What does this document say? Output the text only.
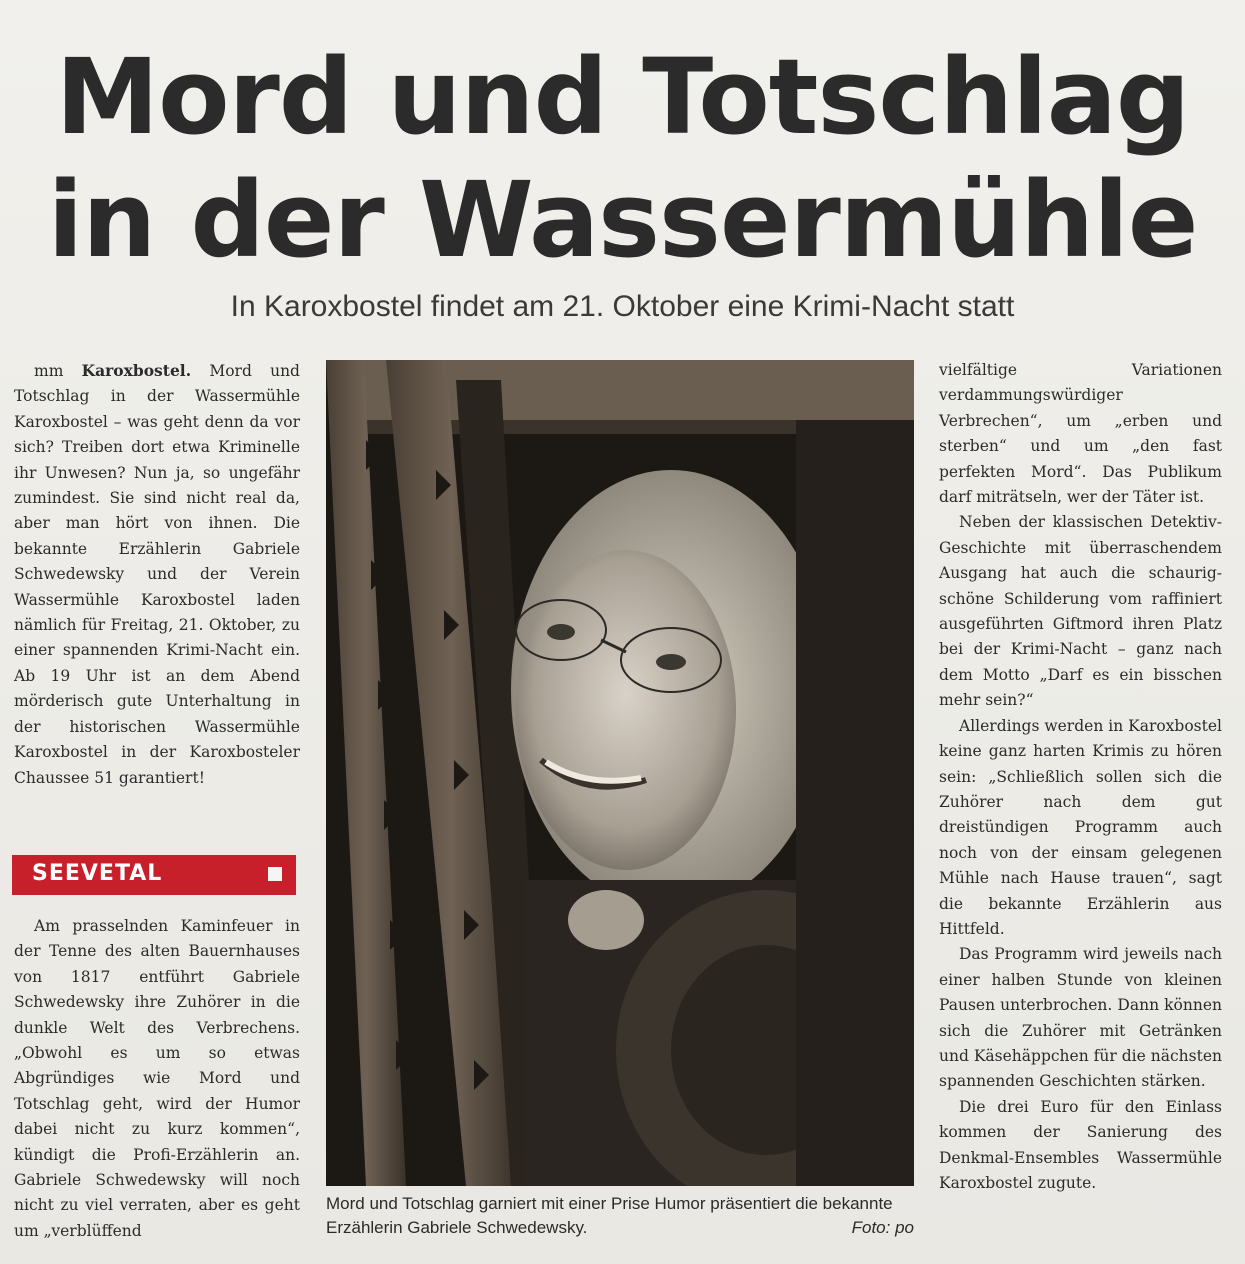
Mord und Totschlag
in der Wassermühle
In Karoxbostel findet am 21. Oktober eine Krimi-Nacht statt

mm Karoxbostel. Mord und Totschlag in der Wassermühle Karoxbostel – was geht denn da vor sich? Treiben dort etwa Kriminelle ihr Unwesen? Nun ja, so ungefähr zumindest. Sie sind nicht real da, aber man hört von ihnen. Die bekannte Erzählerin Gabriele Schwedewsky und der Verein Wassermühle Karoxbostel laden nämlich für Freitag, 21. Oktober, zu einer spannenden Krimi-Nacht ein. Ab 19 Uhr ist an dem Abend mörderisch gute Unterhaltung in der historischen Wassermühle Karoxbostel in der Karoxbosteler Chaussee 51 garantiert!

SEEVETAL

Am prasselnden Kaminfeuer in der Tenne des alten Bauernhauses von 1817 entführt Gabriele Schwedewsky ihre Zuhörer in die dunkle Welt des Verbrechens. „Obwohl es um so etwas Abgründiges wie Mord und Totschlag geht, wird der Humor dabei nicht zu kurz kommen“, kündigt die Profi-Erzählerin an. Gabriele Schwedewsky will noch nicht zu viel verraten, aber es geht um „verblüffend

Mord und Totschlag garniert mit einer Prise Humor präsentiert die bekannte Erzählerin Gabriele Schwedewsky.	Foto: po

vielfältige Variationen verdammungswürdiger Verbrechen“, um „erben und sterben“ und um „den fast perfekten Mord“. Das Publikum darf miträtseln, wer der Täter ist.

Neben der klassischen Detektiv-Geschichte mit überraschendem Ausgang hat auch die schaurig-schöne Schilderung vom raffiniert ausgeführten Giftmord ihren Platz bei der Krimi-Nacht – ganz nach dem Motto „Darf es ein bisschen mehr sein?“

Allerdings werden in Karoxbostel keine ganz harten Krimis zu hören sein: „Schließlich sollen sich die Zuhörer nach dem gut dreistündigen Programm auch noch von der einsam gelegenen Mühle nach Hause trauen“, sagt die bekannte Erzählerin aus Hittfeld.

Das Programm wird jeweils nach einer halben Stunde von kleinen Pausen unterbrochen. Dann können sich die Zuhörer mit Getränken und Käsehäppchen für die nächsten spannenden Geschichten stärken.

Die drei Euro für den Einlass kommen der Sanierung des Denkmal-Ensembles Wassermühle Karoxbostel zugute.
